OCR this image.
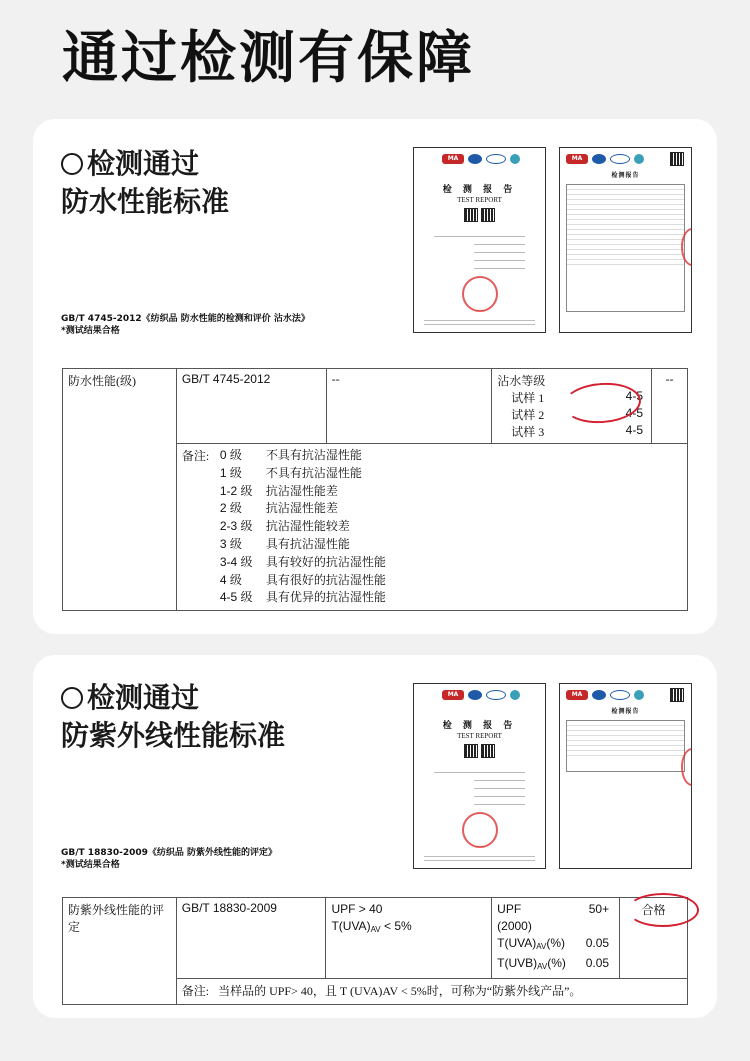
通过检测有保障
检测通过
防水性能标准
GB/T 4745-2012《纺织品 防水性能的检测和评价 沾水法》
*测试结果合格
MA
检 测 报 告
TEST REPORT
MA
检测报告
防水性能(级)	GB/T 4745-2012	--	沾水等级
试样 1	4-5
试样 2	4-5
试样 3	4-5
	--

备注: 0 级	不具有抗沾湿性能
1 级	不具有抗沾湿性能
1-2 级	抗沾湿性能差
2 级	抗沾湿性能差
2-3 级	抗沾湿性能较差
3 级	具有抗沾湿性能
3-4 级	具有较好的抗沾湿性能
4 级	具有很好的抗沾湿性能
4-5 级	具有优异的抗沾湿性能
检测通过
防紫外线性能标准
GB/T 18830-2009《纺织品 防紫外线性能的评定》
*测试结果合格
MA
检 测 报 告
TEST REPORT
MA
检测报告
防紫外线性能的评定	GB/T 18830-2009	UPF > 40
$T(UVA)_{AV} < 5\%$

UPF	50+
(2000)
$T(UVA)_{AV}(\%)$ 0.05
$T(UVB)_{AV}(\%)$ 0.05
	合格
备注: 当样品的 UPF> 40，且 T (UVA)AV < 5%时，可称为“防紫外线产品”。
